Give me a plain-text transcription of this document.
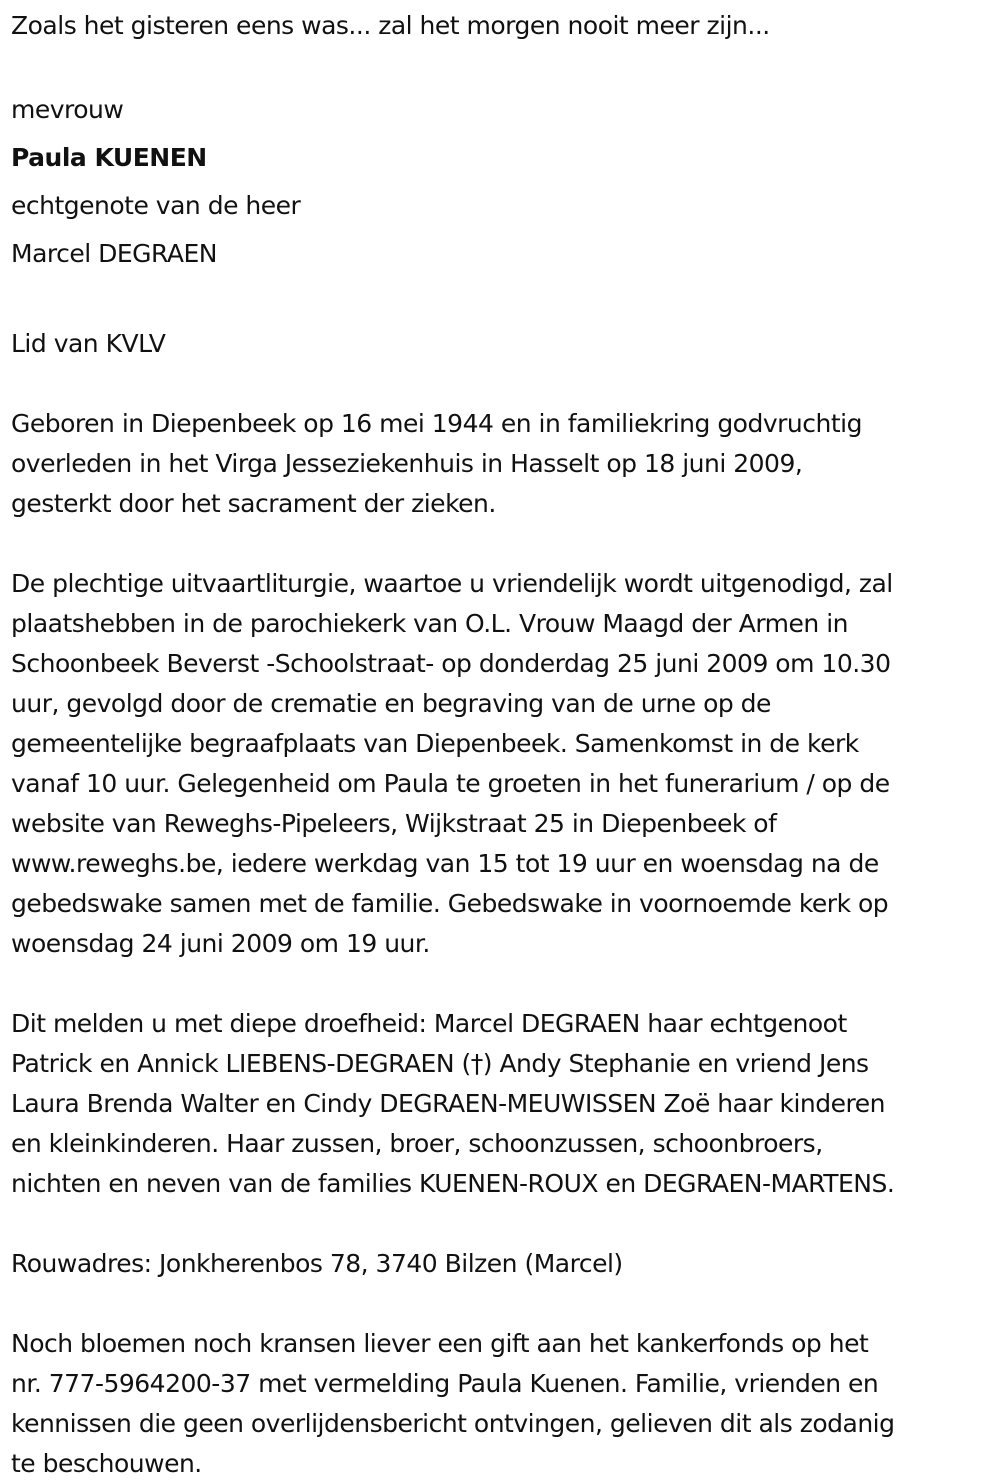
Zoals het gisteren eens was... zal het morgen nooit meer zijn...
mevrouw
Paula KUENEN
echtgenote van de heer
Marcel DEGRAEN
Lid van KVLV
Geboren in Diepenbeek op 16 mei 1944 en in familiekring godvruchtig
overleden in het Virga Jesseziekenhuis in Hasselt op 18 juni 2009,
gesterkt door het sacrament der zieken.
De plechtige uitvaartliturgie, waartoe u vriendelijk wordt uitgenodigd, zal
plaatshebben in de parochiekerk van O.L. Vrouw Maagd der Armen in
Schoonbeek Beverst -Schoolstraat- op donderdag 25 juni 2009 om 10.30
uur, gevolgd door de crematie en begraving van de urne op de
gemeentelijke begraafplaats van Diepenbeek. Samenkomst in de kerk
vanaf 10 uur. Gelegenheid om Paula te groeten in het funerarium / op de
website van Reweghs-Pipeleers, Wijkstraat 25 in Diepenbeek of
www.reweghs.be, iedere werkdag van 15 tot 19 uur en woensdag na de
gebedswake samen met de familie. Gebedswake in voornoemde kerk op
woensdag 24 juni 2009 om 19 uur.
Dit melden u met diepe droefheid: Marcel DEGRAEN haar echtgenoot
Patrick en Annick LIEBENS-DEGRAEN (†) Andy Stephanie en vriend Jens
Laura Brenda Walter en Cindy DEGRAEN-MEUWISSEN Zoë haar kinderen
en kleinkinderen. Haar zussen, broer, schoonzussen, schoonbroers,
nichten en neven van de families KUENEN-ROUX en DEGRAEN-MARTENS.
Rouwadres: Jonkherenbos 78, 3740 Bilzen (Marcel)
Noch bloemen noch kransen liever een gift aan het kankerfonds op het
nr. 777-5964200-37 met vermelding Paula Kuenen. Familie, vrienden en
kennissen die geen overlijdensbericht ontvingen, gelieven dit als zodanig
te beschouwen.
